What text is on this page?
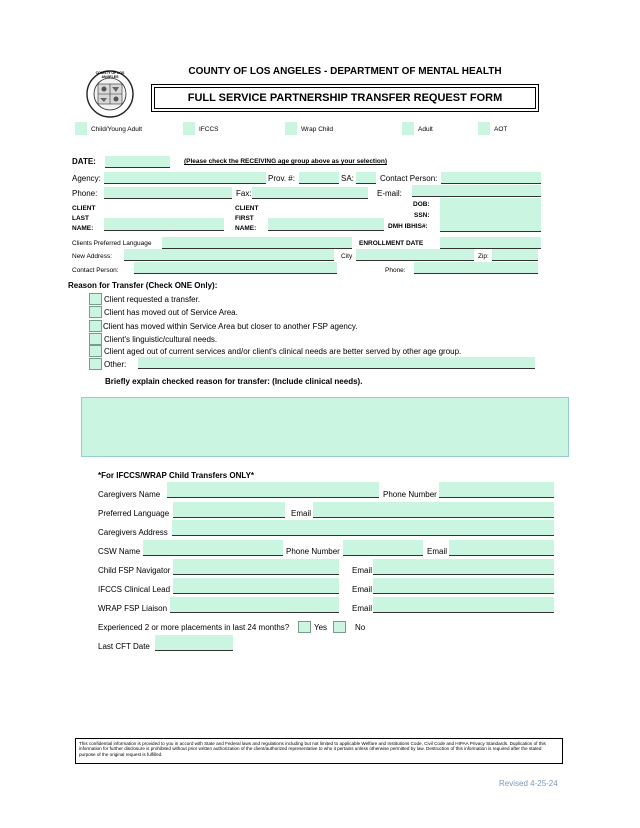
COUNTY OF LOS ANGELES	COUNTY OF LOS ANGELES - DEPARTMENT OF MENTAL HEALTH
FULL SERVICE PARTNERSHIP TRANSFER REQUEST FORM
Child/Young Adult	IFCCS	Wrap Child	Adult	AOT
DATE:	(Please check the RECEIVING age group above as your selection)
Agency:	Prov. #:	SA:	Contact Person:
Phone:	Fax:	E-mail:
CLIENT
LAST
NAME:
CLIENT
FIRST
NAME:
DOB:
SSN:
DMH IBHIS#:
Clients Preferred Language	ENROLLMENT DATE
New Address:	City	Zip:
Contact Person:	Phone:
Reason for Transfer (Check ONE Only):
Client requested a transfer.
Client has moved out of Service Area.
Client has moved within Service Area but closer to another FSP agency.
Client's linguistic/cultural needs.
Client aged out of current services and/or client's clinical needs are better served by other age group.
Other:
Briefly explain checked reason for transfer: (Include clinical needs).
*For IFCCS/WRAP Child Transfers ONLY*
Caregivers Name	Phone Number
Preferred Language	Email
Caregivers Address
CSW Name	Phone Number	Email
Child FSP Navigator	Email
IFCCS Clinical Lead	Email
WRAP FSP Liaison	Email
Experienced 2 or more placements in last 24 months?	Yes	No
Last CFT Date
This confidential information is provided to you in accord with State and Federal laws and regulations including but not limited to applicable Welfare and Institutions Code, Civil Code and HIPAA Privacy Standards. Duplication of this information for further disclosure is prohibited without prior written authorization of the client/authorized representative to who it pertains unless otherwise permitted by law. Destruction of this information is required after the stated purpose of the original request is fulfilled.
Revised 4-25-24
